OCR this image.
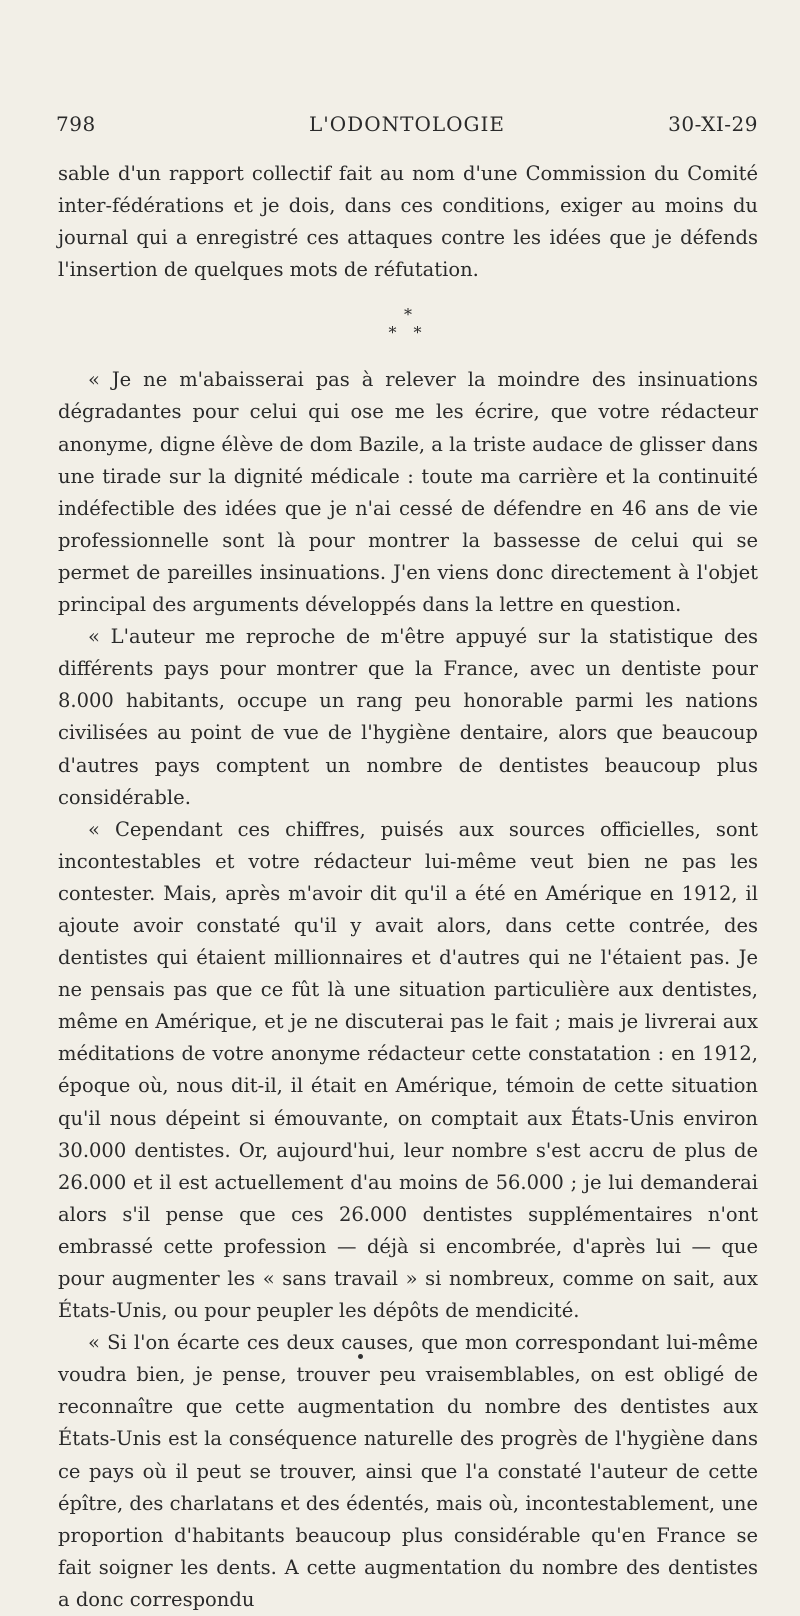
798	L'ODONTOLOGIE	30-XI-29

sable d'un rapport collectif fait au nom d'une Commission du Comité inter-fédérations et je dois, dans ces conditions, exiger au moins du journal qui a enregistré ces attaques contre les idées que je défends l'insertion de quelques mots de réfutation.

*
* *

« Je ne m'abaisserai pas à relever la moindre des insinuations dégradantes pour celui qui ose me les écrire, que votre rédacteur anonyme, digne élève de dom Bazile, a la triste audace de glisser dans une tirade sur la dignité médicale : toute ma carrière et la continuité indéfectible des idées que je n'ai cessé de défendre en 46 ans de vie professionnelle sont là pour montrer la bassesse de celui qui se permet de pareilles insinuations. J'en viens donc directement à l'objet principal des arguments développés dans la lettre en question.

« L'auteur me reproche de m'être appuyé sur la statistique des différents pays pour montrer que la France, avec un dentiste pour 8.000 habitants, occupe un rang peu honorable parmi les nations civilisées au point de vue de l'hygiène dentaire, alors que beaucoup d'autres pays comptent un nombre de dentistes beaucoup plus considérable.

« Cependant ces chiffres, puisés aux sources officielles, sont incontestables et votre rédacteur lui-même veut bien ne pas les contester. Mais, après m'avoir dit qu'il a été en Amérique en 1912, il ajoute avoir constaté qu'il y avait alors, dans cette contrée, des dentistes qui étaient millionnaires et d'autres qui ne l'étaient pas. Je ne pensais pas que ce fût là une situation particulière aux dentistes, même en Amérique, et je ne discuterai pas le fait ; mais je livrerai aux méditations de votre anonyme rédacteur cette constatation : en 1912, époque où, nous dit-il, il était en Amérique, témoin de cette situation qu'il nous dépeint si émouvante, on comptait aux États-Unis environ 30.000 dentistes. Or, aujourd'hui, leur nombre s'est accru de plus de 26.000 et il est actuellement d'au moins de 56.000 ; je lui demanderai alors s'il pense que ces 26.000 dentistes supplémentaires n'ont embrassé cette profession — déjà si encombrée, d'après lui — que pour augmenter les « sans travail » si nombreux, comme on sait, aux États-Unis, ou pour peupler les dépôts de mendicité.

« Si l'on écarte ces deux causes, que mon correspondant lui-même voudra bien, je pense, trouver peu vraisemblables, on est obligé de reconnaître que cette augmentation du nombre des dentistes aux États-Unis est la conséquence naturelle des progrès de l'hygiène dans ce pays où il peut se trouver, ainsi que l'a constaté l'auteur de cette épître, des charlatans et des édentés, mais où, incontestablement, une proportion d'habitants beaucoup plus considérable qu'en France se fait soigner les dents. A cette augmentation du nombre des dentistes a donc correspondu
